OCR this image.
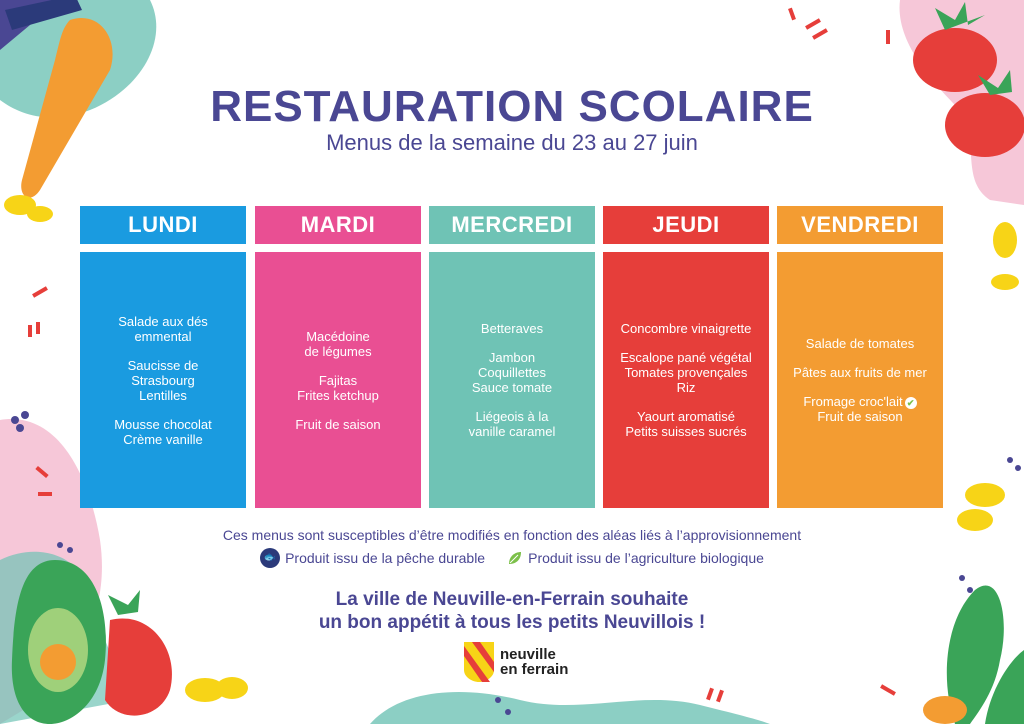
RESTAURATION SCOLAIRE
Menus de la semaine du 23 au 27 juin
LUNDI
Salade aux dés
emmental
Saucisse de
Strasbourg
Lentilles
Mousse chocolat
Crème vanille
MARDI
Macédoine
de légumes
Fajitas
Frites ketchup
Fruit de saison
MERCREDI
Betteraves
Jambon
Coquillettes
Sauce tomate
Liégeois à la
vanille caramel
JEUDI
Concombre vinaigrette
Escalope pané végétal
Tomates provençales
Riz
Yaourt aromatisé
Petits suisses sucrés
VENDREDI
Salade de tomates
Pâtes aux fruits de mer
Fromage croc'lait ✔
Fruit de saison
Ces menus sont susceptibles d’être modifiés en fonction des aléas liés à l’approvisionnement
🐟 Produit issu de la pêche durable	Produit issu de l’agriculture biologique
La ville de Neuville-en-Ferrain souhaite
un bon appétit à tous les petits Neuvillois !
neuville
en ferrain
